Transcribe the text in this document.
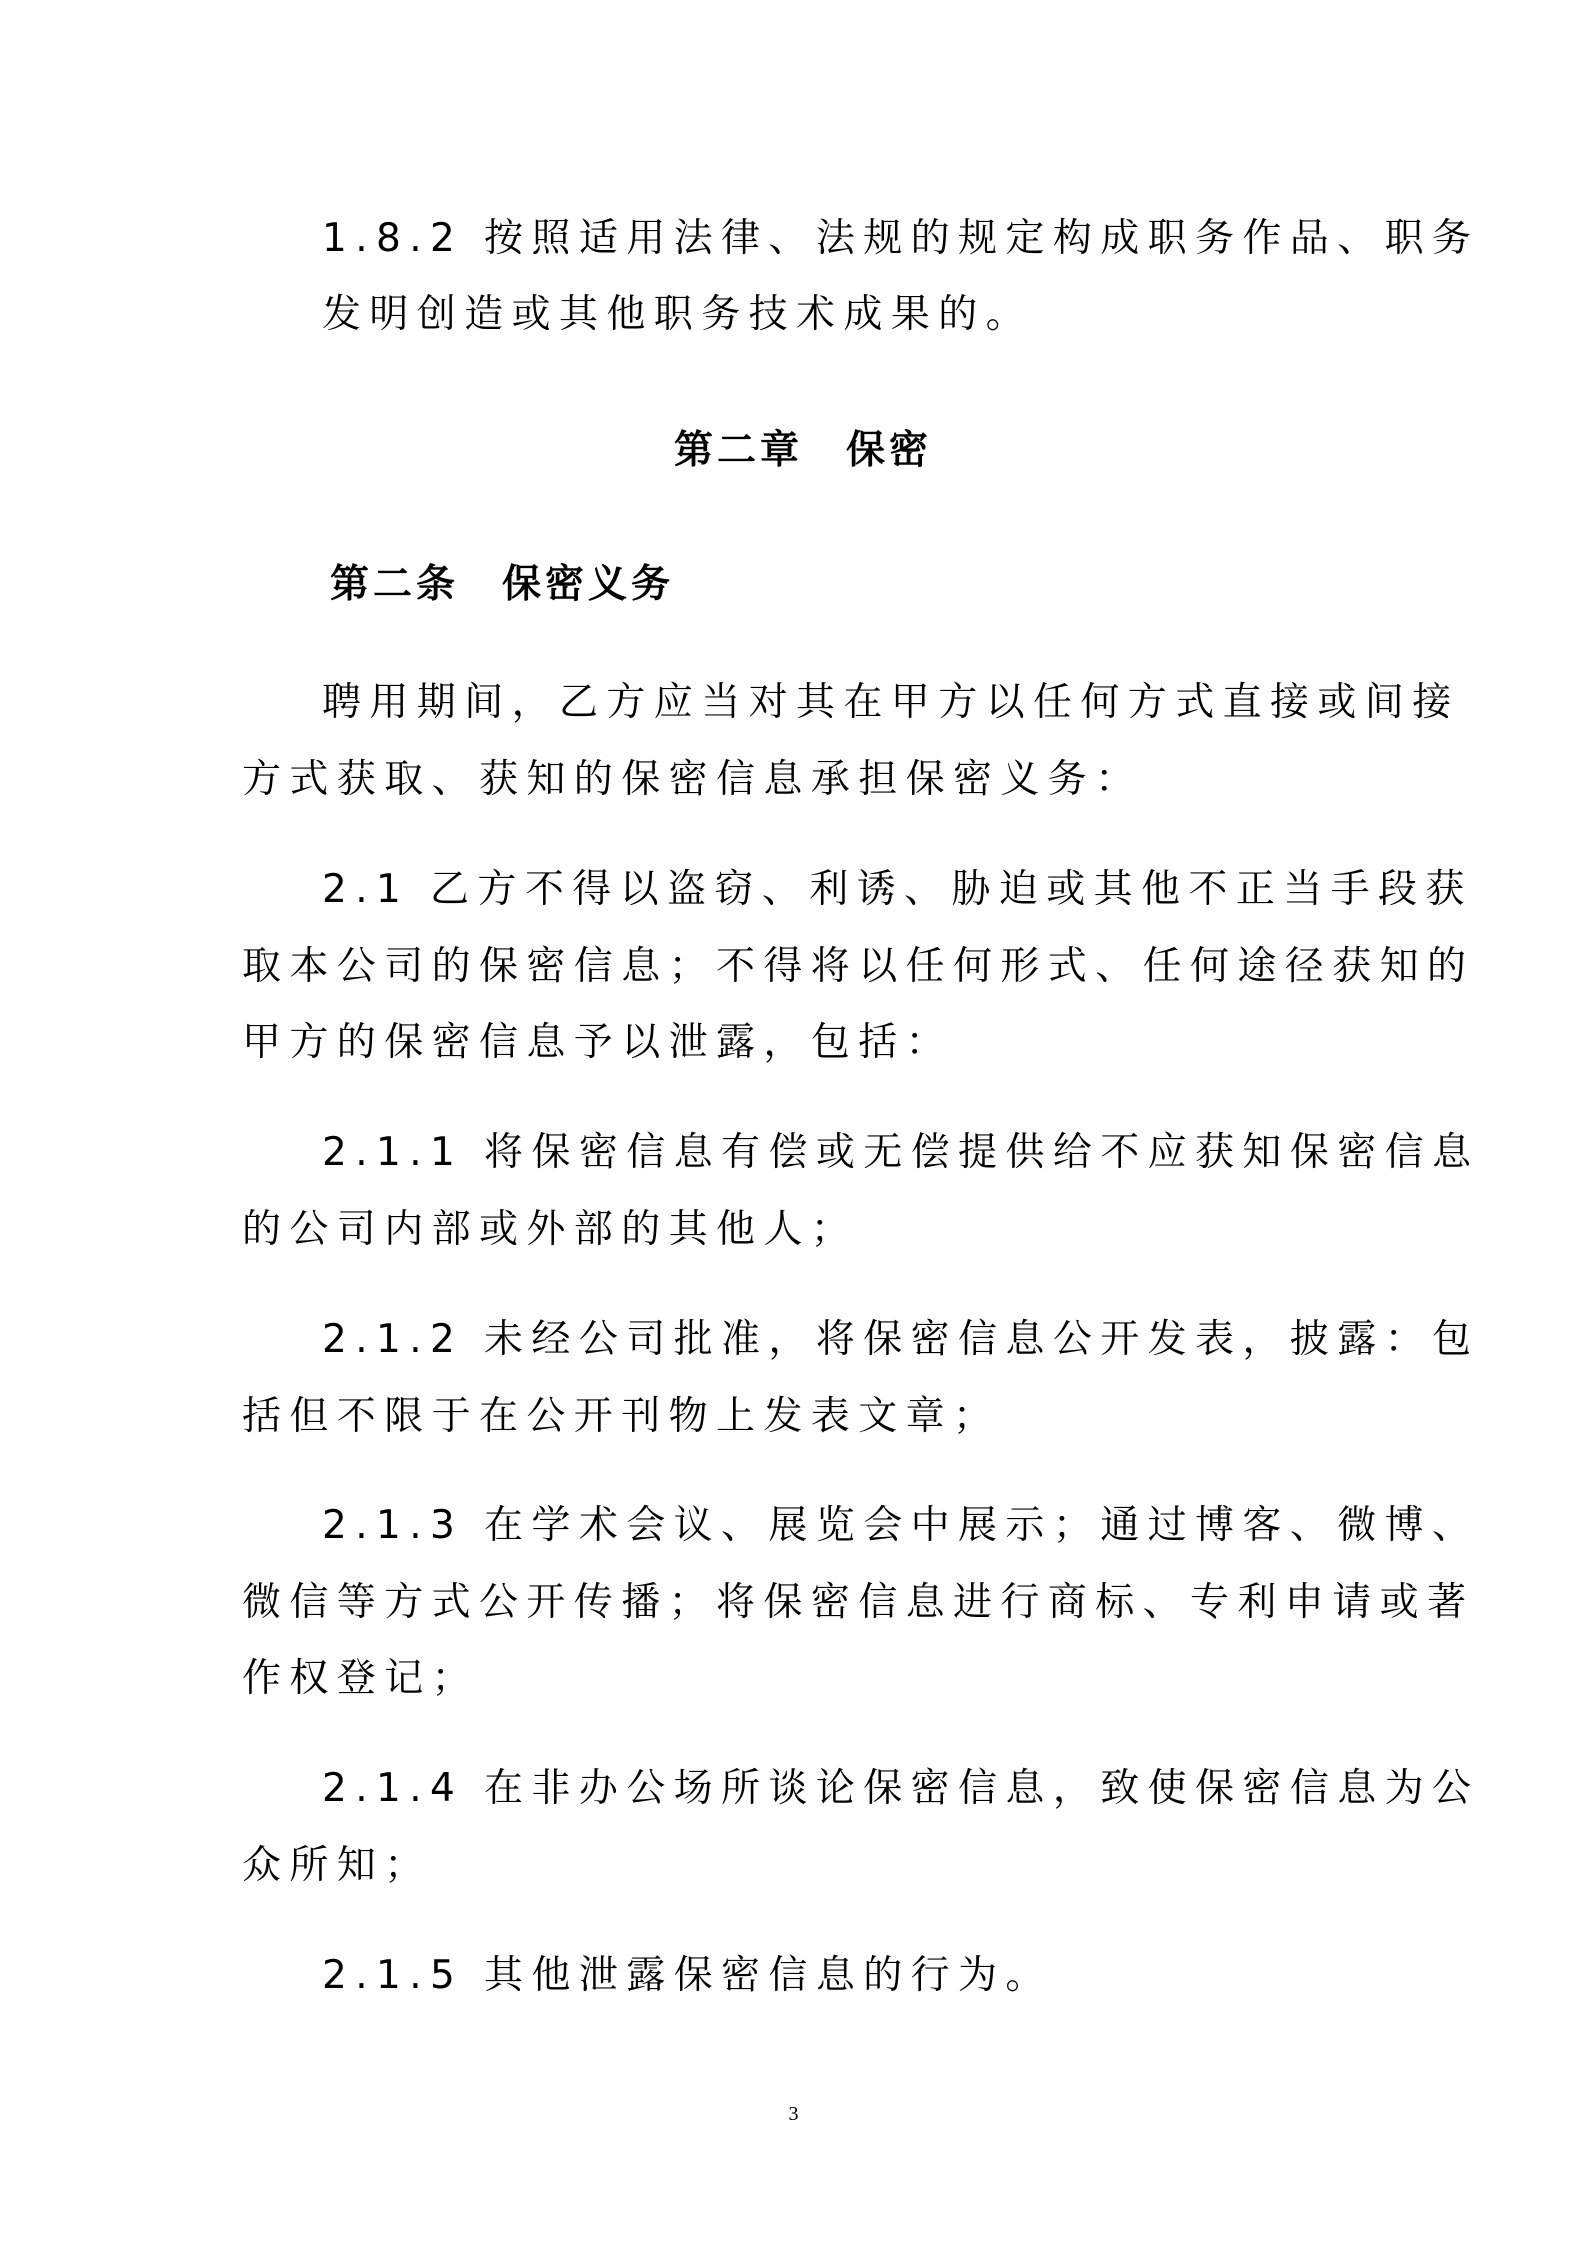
1.8.2 按照适用法律、法规的规定构成职务作品、职务

发明创造或其他职务技术成果的。

第二章　保密
第二条　保密义务

聘用期间，乙方应当对其在甲方以任何方式直接或间接

方式获取、获知的保密信息承担保密义务：

2.1 乙方不得以盗窃、利诱、胁迫或其他不正当手段获

取本公司的保密信息；不得将以任何形式、任何途径获知的

甲方的保密信息予以泄露，包括：

2.1.1 将保密信息有偿或无偿提供给不应获知保密信息

的公司内部或外部的其他人；

2.1.2 未经公司批准，将保密信息公开发表，披露：包

括但不限于在公开刊物上发表文章；

2.1.3 在学术会议、展览会中展示；通过博客、微博、

微信等方式公开传播；将保密信息进行商标、专利申请或著

作权登记；

2.1.4 在非办公场所谈论保密信息，致使保密信息为公

众所知；

2.1.5 其他泄露保密信息的行为。

3
